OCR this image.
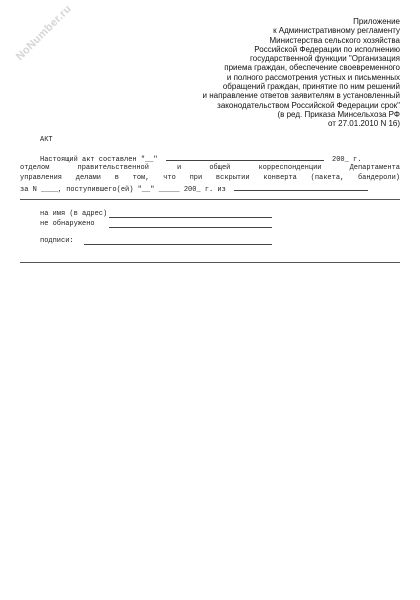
NoNumber.ru	Приложение
к Административному регламенту
Министерства сельского хозяйства
Российской Федерации по исполнению
государственной функции "Организация
приема граждан, обеспечение своевременного
и полного рассмотрения устных и письменных
обращений граждан, принятие по ним решений
и направление ответов заявителям в установленный
законодательством Российской Федерации срок"
(в ред. Приказа Минсельхоза РФ
от 27.01.2010 N 16)
АКТ
Настоящий акт составлен "__"	200_ г.
отделом правительственной и общей корреспонденции Департамента
управления делами в том, что при вскрытии конверта (пакета, бандероли)
за N ____, поступившего(ей) "__" _____ 200_ г. из
на имя (в адрес)
не обнаружено
подписи:
